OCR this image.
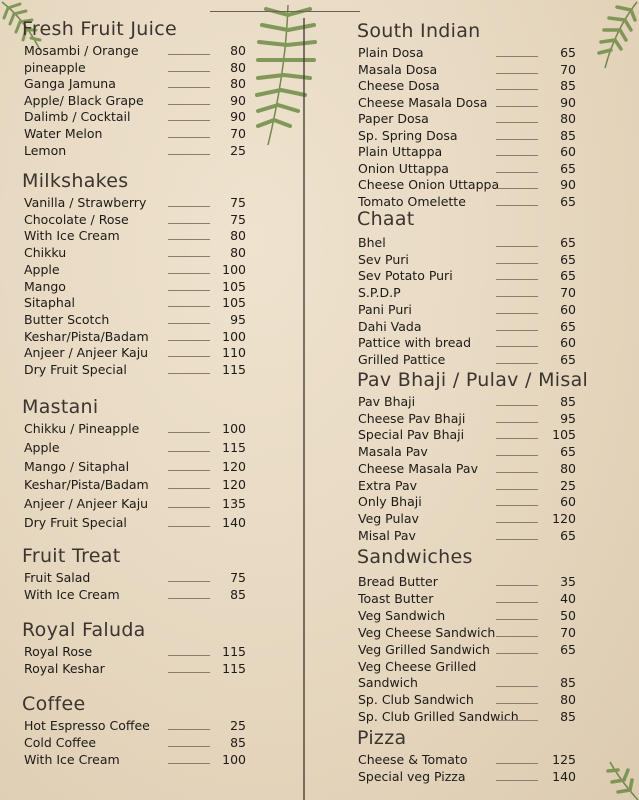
Fresh Fruit Juice
Mosambi / Orange	80
pineapple	80
Ganga Jamuna	80
Apple/ Black Grape	90
Dalimb / Cocktail	90
Water Melon	70
Lemon	25
Milkshakes
Vanilla / Strawberry	75
Chocolate / Rose	75
With Ice Cream	80
Chikku	80
Apple	100
Mango	105
Sitaphal	105
Butter Scotch	95
Keshar/Pista/Badam	100
Anjeer / Anjeer Kaju	110
Dry Fruit Special	115
Mastani
Chikku / Pineapple	100
Apple	115
Mango / Sitaphal	120
Keshar/Pista/Badam	120
Anjeer / Anjeer Kaju	135
Dry Fruit Special	140
Fruit Treat
Fruit Salad	75
With Ice Cream	85
Royal Faluda
Royal Rose	115
Royal Keshar	115
Coffee
Hot Espresso Coffee	25
Cold Coffee	85
With Ice Cream	100
South Indian
Plain Dosa	65
Masala Dosa	70
Cheese Dosa	85
Cheese Masala Dosa	90
Paper Dosa	80
Sp. Spring Dosa	85
Plain Uttappa	60
Onion Uttappa	65
Cheese Onion Uttappa	90
Tomato Omelette	65
Chaat
Bhel	65
Sev Puri	65
Sev Potato Puri	65
S.P.D.P	70
Pani Puri	60
Dahi Vada	65
Pattice with bread	60
Grilled Pattice	65
Pav Bhaji / Pulav / Misal
Pav Bhaji	85
Cheese Pav Bhaji	95
Special Pav Bhaji	105
Masala Pav	65
Cheese Masala Pav	80
Extra Pav	25
Only Bhaji	60
Veg Pulav	120
Misal Pav	65
Sandwiches
Bread Butter	35
Toast Butter	40
Veg Sandwich	50
Veg Cheese Sandwich	70
Veg Grilled Sandwich	65
Veg Cheese Grilled
Sandwich	85
Sp. Club Sandwich	80
Sp. Club Grilled Sandwich	85
Pizza
Cheese & Tomato	125
Special veg Pizza	140
